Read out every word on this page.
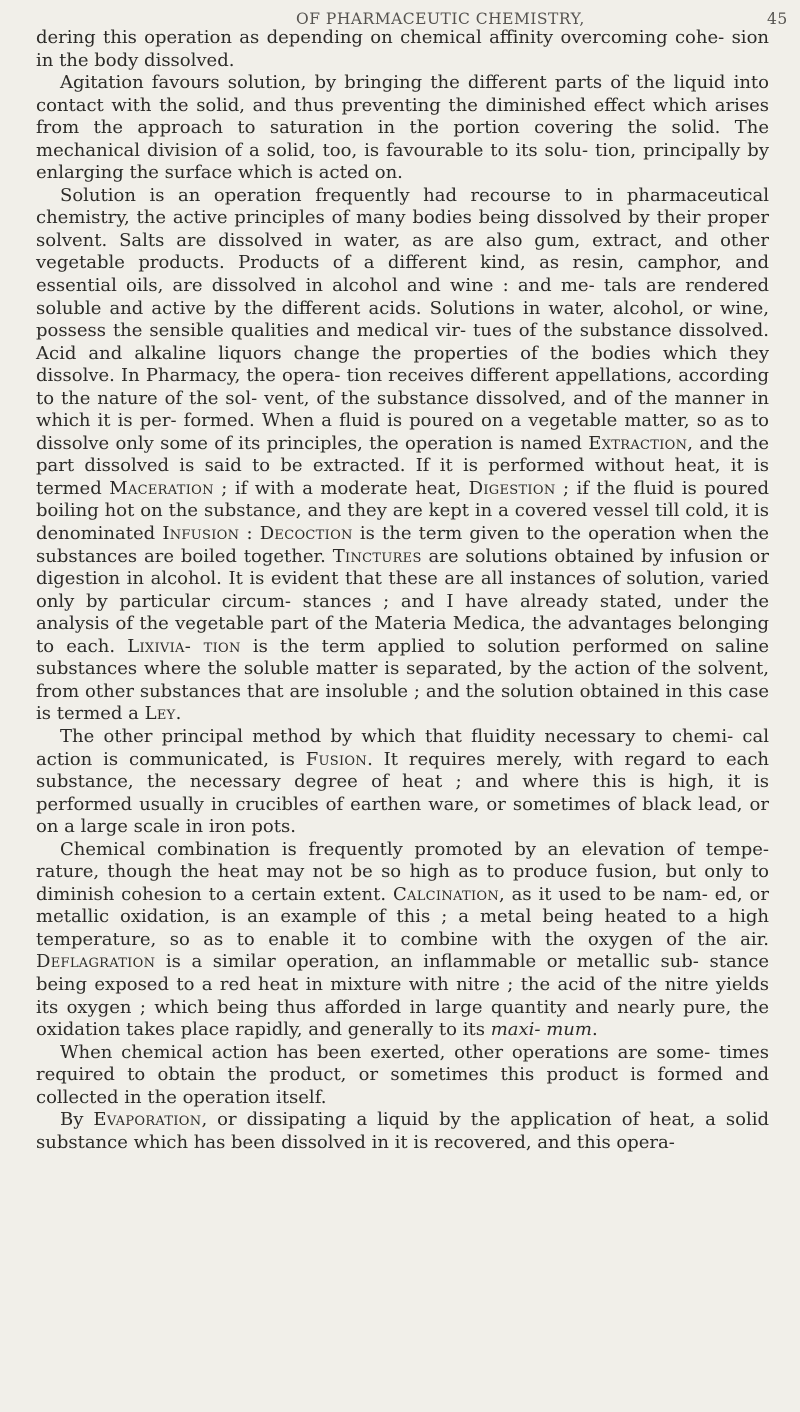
OF PHARMACEUTIC CHEMISTRY,	45

dering this operation as depending on chemical affinity overcoming cohe- sion in the body dissolved.

Agitation favours solution, by bringing the different parts of the liquid into contact with the solid, and thus preventing the diminished effect which arises from the approach to saturation in the portion covering the solid. The mechanical division of a solid, too, is favourable to its solu- tion, principally by enlarging the surface which is acted on.

Solution is an operation frequently had recourse to in pharmaceutical chemistry, the active principles of many bodies being dissolved by their proper solvent. Salts are dissolved in water, as are also gum, extract, and other vegetable products. Products of a different kind, as resin, camphor, and essential oils, are dissolved in alcohol and wine : and me- tals are rendered soluble and active by the different acids. Solutions in water, alcohol, or wine, possess the sensible qualities and medical vir- tues of the substance dissolved. Acid and alkaline liquors change the properties of the bodies which they dissolve. In Pharmacy, the opera- tion receives different appellations, according to the nature of the sol- vent, of the substance dissolved, and of the manner in which it is per- formed. When a fluid is poured on a vegetable matter, so as to dissolve only some of its principles, the operation is named Extraction, and the part dissolved is said to be extracted. If it is performed without heat, it is termed Maceration ; if with a moderate heat, Digestion ; if the fluid is poured boiling hot on the substance, and they are kept in a covered vessel till cold, it is denominated Infusion : Decoction is the term given to the operation when the substances are boiled together. Tinctures are solutions obtained by infusion or digestion in alcohol. It is evident that these are all instances of solution, varied only by particular circum- stances ; and I have already stated, under the analysis of the vegetable part of the Materia Medica, the advantages belonging to each. Lixivia- tion is the term applied to solution performed on saline substances where the soluble matter is separated, by the action of the solvent, from other substances that are insoluble ; and the solution obtained in this case is termed a Ley.

The other principal method by which that fluidity necessary to chemi- cal action is communicated, is Fusion. It requires merely, with regard to each substance, the necessary degree of heat ; and where this is high, it is performed usually in crucibles of earthen ware, or sometimes of black lead, or on a large scale in iron pots.

Chemical combination is frequently promoted by an elevation of tempe- rature, though the heat may not be so high as to produce fusion, but only to diminish cohesion to a certain extent. Calcination, as it used to be nam- ed, or metallic oxidation, is an example of this ; a metal being heated to a high temperature, so as to enable it to combine with the oxygen of the air. Deflagration is a similar operation, an inflammable or metallic sub- stance being exposed to a red heat in mixture with nitre ; the acid of the nitre yields its oxygen ; which being thus afforded in large quantity and nearly pure, the oxidation takes place rapidly, and generally to its maxi- mum.

When chemical action has been exerted, other operations are some- times required to obtain the product, or sometimes this product is formed and collected in the operation itself.

By Evaporation, or dissipating a liquid by the application of heat, a solid substance which has been dissolved in it is recovered, and this opera-
